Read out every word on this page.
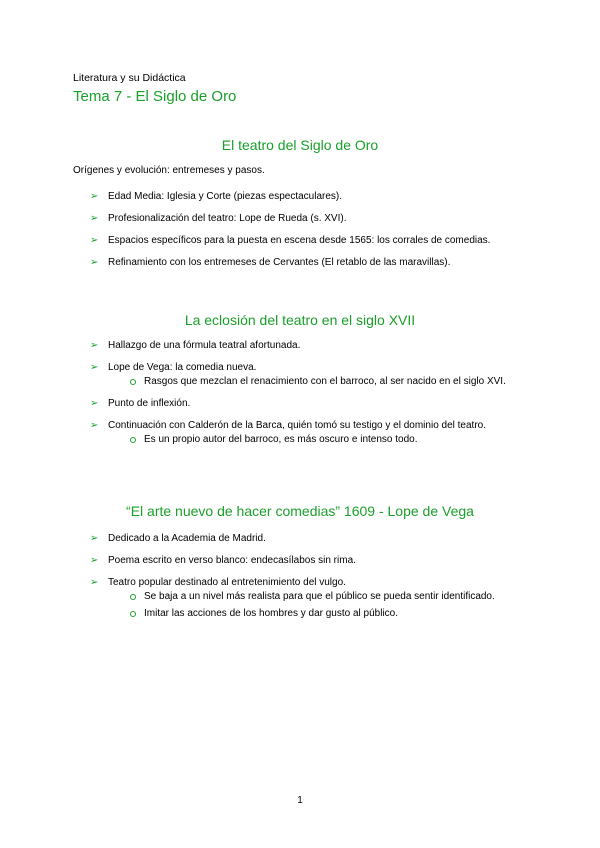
Literatura y su Didáctica
Tema 7 - El Siglo de Oro
El teatro del Siglo de Oro
Orígenes y evolución: entremeses y pasos.
➢ Edad Media: Iglesia y Corte (piezas espectaculares).
➢ Profesionalización del teatro: Lope de Rueda (s. XVI).
➢ Espacios específicos para la puesta en escena desde 1565: los corrales de comedias.
➢ Refinamiento con los entremeses de Cervantes (El retablo de las maravillas).
La eclosión del teatro en el siglo XVII
➢ Hallazgo de una fórmula teatral afortunada.
➢ Lope de Vega: la comedia nueva.
Rasgos que mezclan el renacimiento con el barroco, al ser nacido en el siglo XVI.
➢ Punto de inflexión.
➢ Continuación con Calderón de la Barca, quién tomó su testigo y el dominio del teatro.
Es un propio autor del barroco, es más oscuro e intenso todo.
“El arte nuevo de hacer comedias” 1609 - Lope de Vega
➢ Dedicado a la Academia de Madrid.
➢ Poema escrito en verso blanco: endecasílabos sin rima.
➢ Teatro popular destinado al entretenimiento del vulgo.
Se baja a un nivel más realista para que el público se pueda sentir identificado.
Imitar las acciones de los hombres y dar gusto al público.
1
